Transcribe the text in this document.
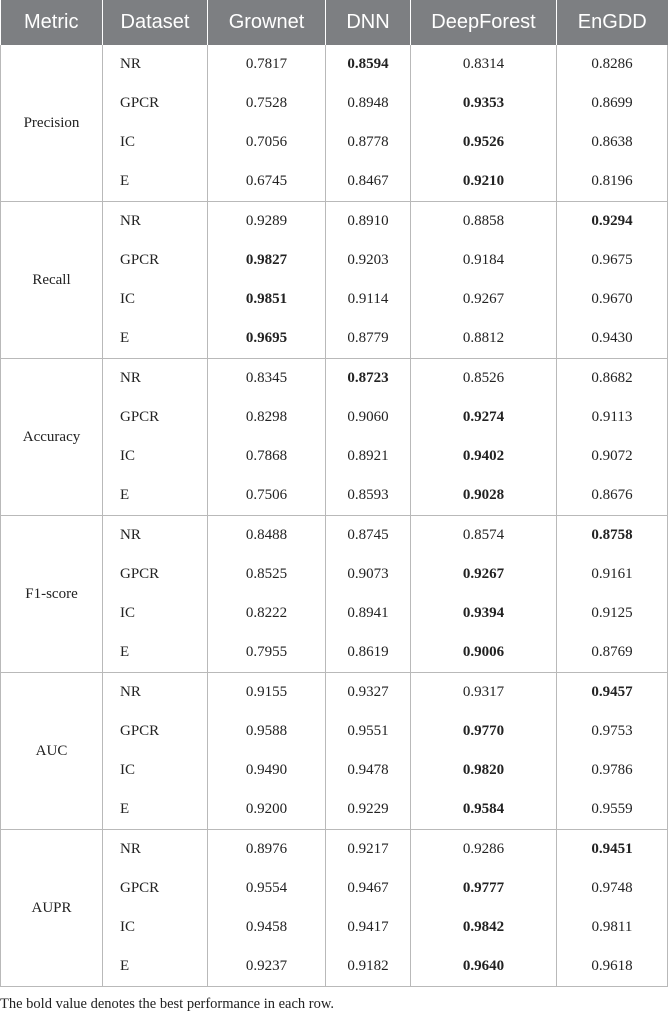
Metric	Dataset	Grownet	DNN	DeepForest	EnGDD
Precision	NR	0.7817	0.8594	0.8314	0.8286
	GPCR	0.7528	0.8948	0.9353	0.8699
	IC	0.7056	0.8778	0.9526	0.8638
	E	0.6745	0.8467	0.9210	0.8196
Recall	NR	0.9289	0.8910	0.8858	0.9294
	GPCR	0.9827	0.9203	0.9184	0.9675
	IC	0.9851	0.9114	0.9267	0.9670
	E	0.9695	0.8779	0.8812	0.9430
Accuracy	NR	0.8345	0.8723	0.8526	0.8682
	GPCR	0.8298	0.9060	0.9274	0.9113
	IC	0.7868	0.8921	0.9402	0.9072
	E	0.7506	0.8593	0.9028	0.8676
F1-score	NR	0.8488	0.8745	0.8574	0.8758
	GPCR	0.8525	0.9073	0.9267	0.9161
	IC	0.8222	0.8941	0.9394	0.9125
	E	0.7955	0.8619	0.9006	0.8769
AUC	NR	0.9155	0.9327	0.9317	0.9457
	GPCR	0.9588	0.9551	0.9770	0.9753
	IC	0.9490	0.9478	0.9820	0.9786
	E	0.9200	0.9229	0.9584	0.9559
AUPR	NR	0.8976	0.9217	0.9286	0.9451
	GPCR	0.9554	0.9467	0.9777	0.9748
	IC	0.9458	0.9417	0.9842	0.9811
	E	0.9237	0.9182	0.9640	0.9618
The bold value denotes the best performance in each row.
